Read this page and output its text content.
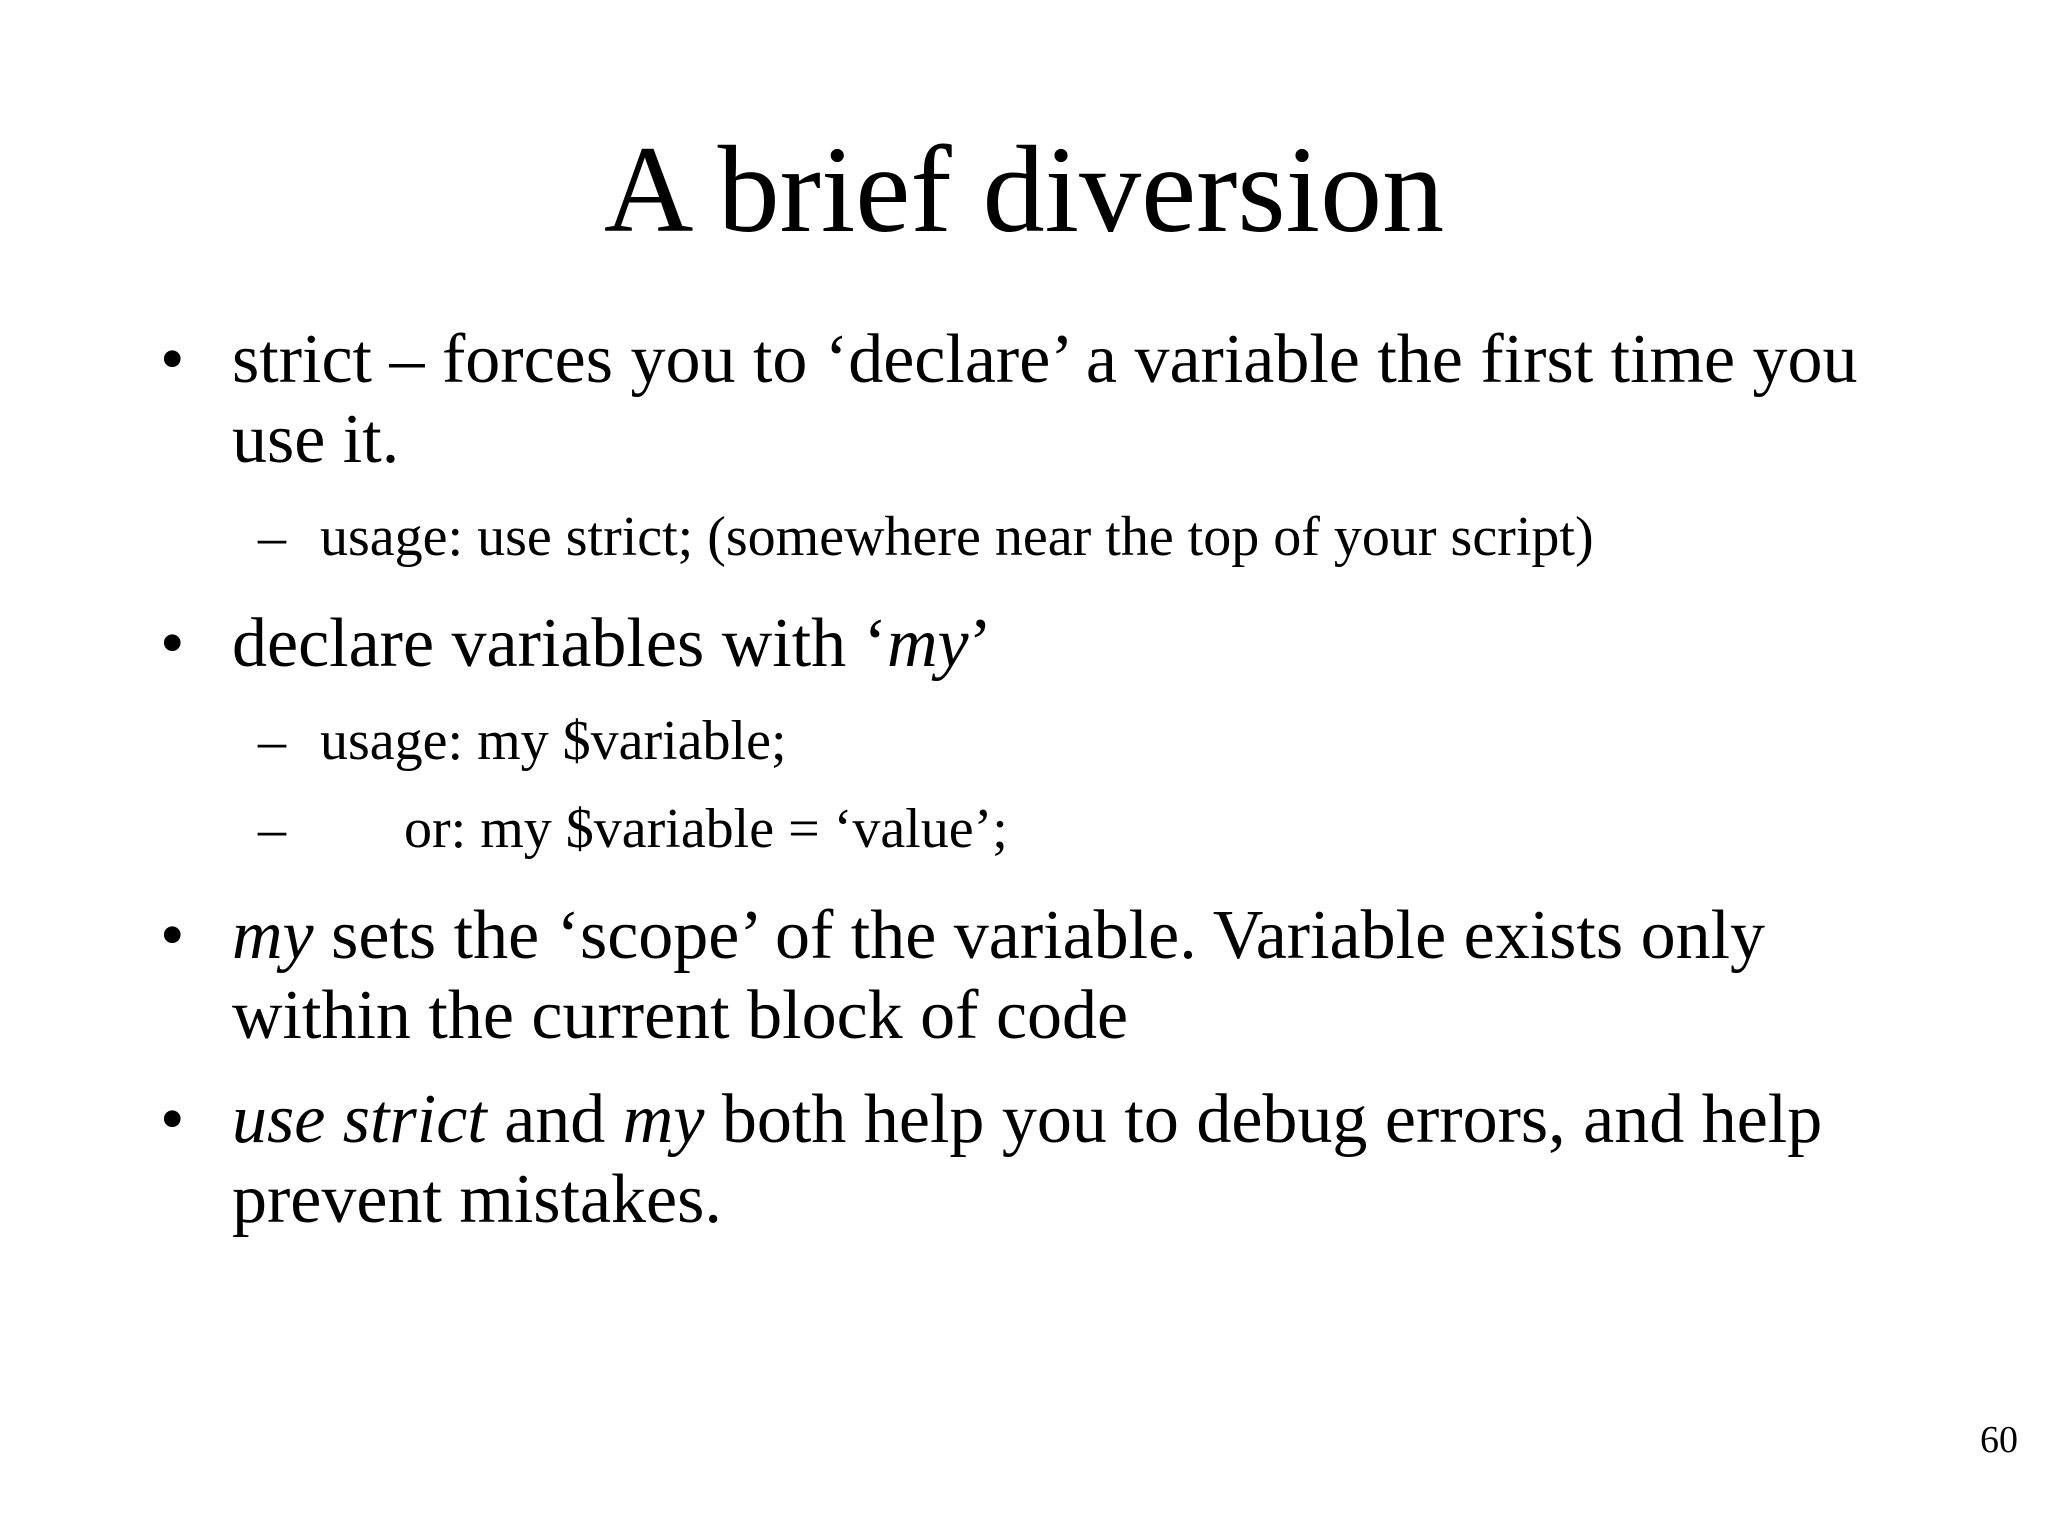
A brief diversion
• strict – forces you to ‘declare’ a variable the first time you use it.
– usage: use strict; (somewhere near the top of your script)
• declare variables with ‘my’
– usage: my $variable;
– or: my $variable = ‘value’;
• my sets the ‘scope’ of the variable. Variable exists only within the current block of code
• use strict and my both help you to debug errors, and help prevent mistakes.
60
